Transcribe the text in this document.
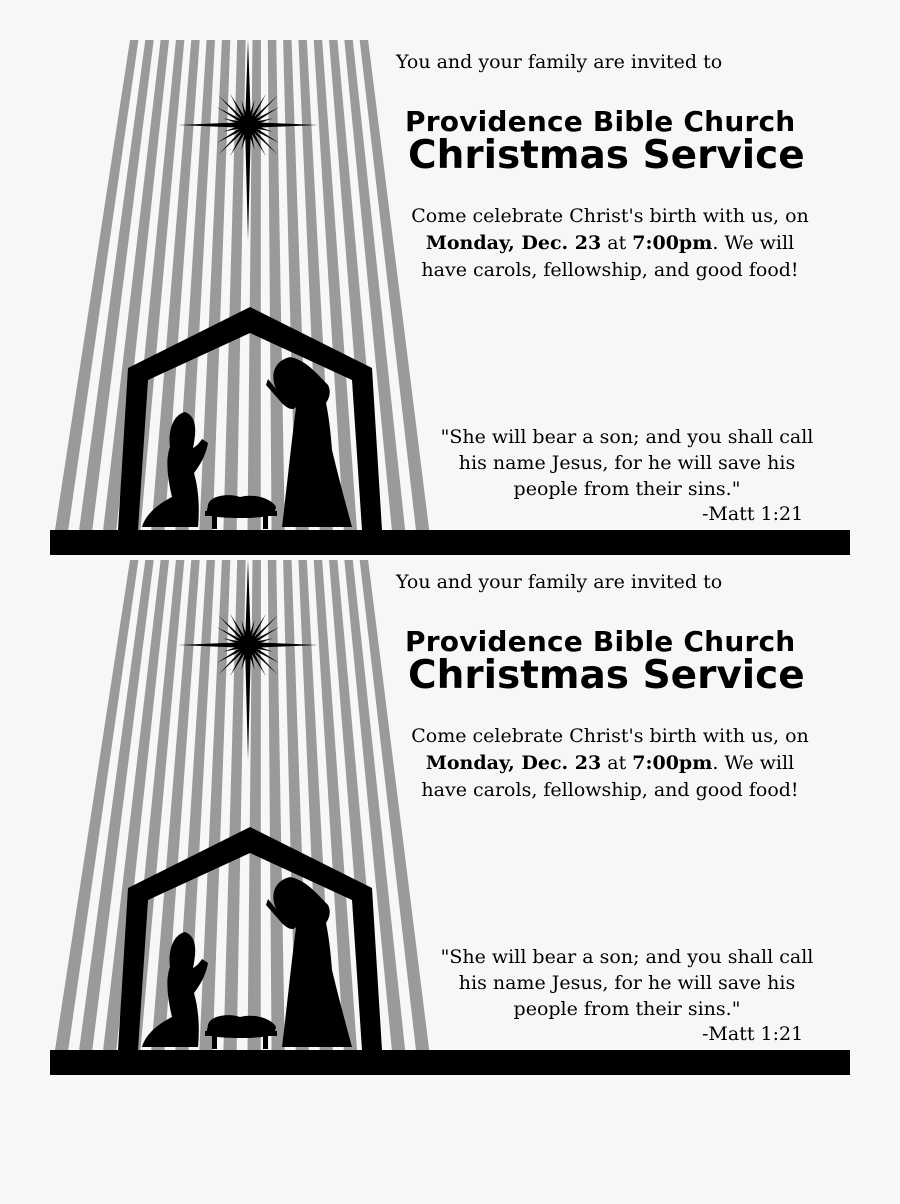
You and your family are invited to
Providence Bible Church
Christmas Service
Come celebrate Christ's birth with us, on
Monday, Dec. 23 at 7:00pm. We will
have carols, fellowship, and good food!
"She will bear a son; and you shall call
his name Jesus, for he will save his
people from their sins."
-Matt 1:21
You and your family are invited to
Providence Bible Church
Christmas Service
Come celebrate Christ's birth with us, on
Monday, Dec. 23 at 7:00pm. We will
have carols, fellowship, and good food!
"She will bear a son; and you shall call
his name Jesus, for he will save his
people from their sins."
-Matt 1:21
